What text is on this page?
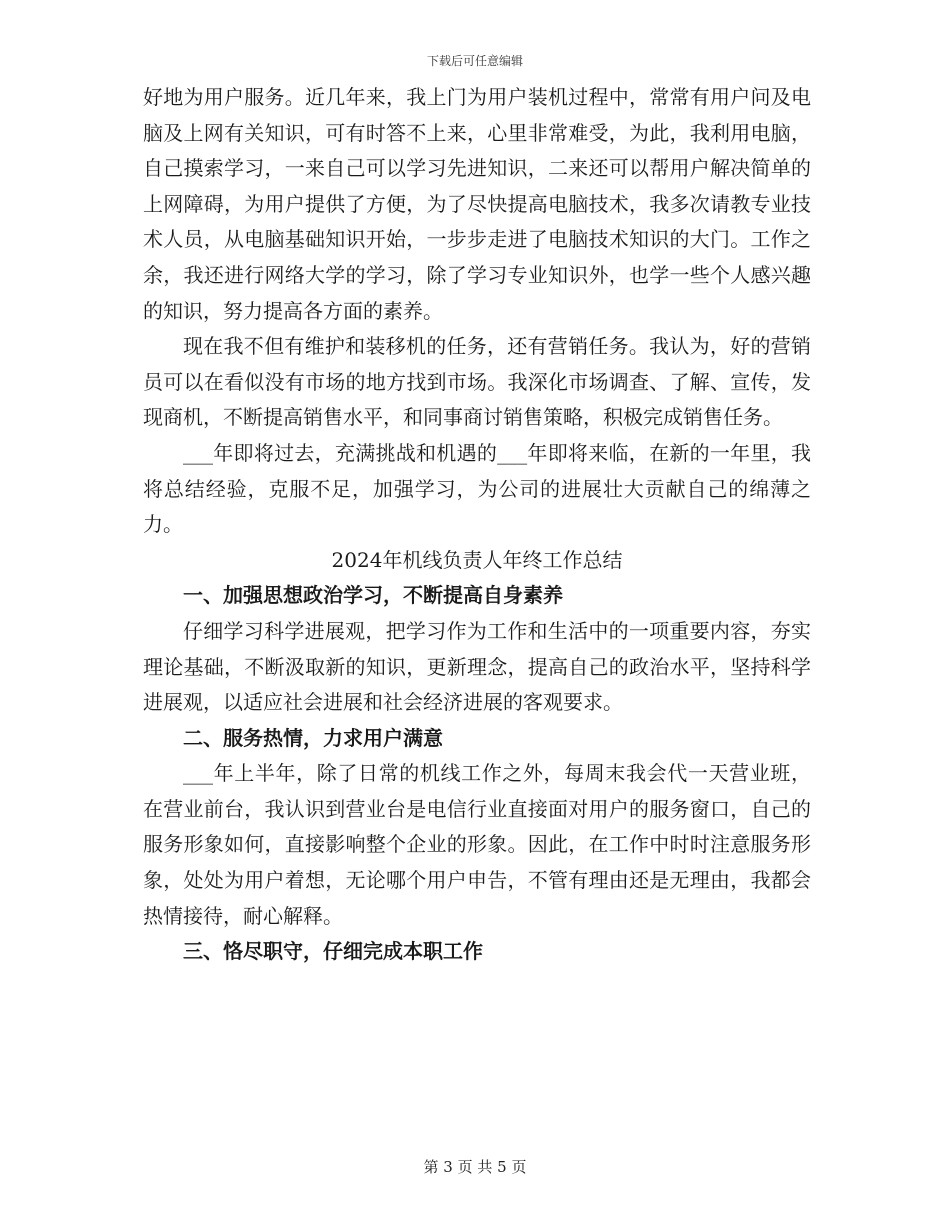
下载后可任意编辑

好地为用户服务。近几年来，我上门为用户装机过程中，常常有用户问及电脑及上网有关知识，可有时答不上来，心里非常难受，为此，我利用电脑，自己摸索学习，一来自己可以学习先进知识，二来还可以帮用户解决简单的上网障碍，为用户提供了方便，为了尽快提高电脑技术，我多次请教专业技术人员，从电脑基础知识开始，一步步走进了电脑技术知识的大门。工作之余，我还进行网络大学的学习，除了学习专业知识外，也学一些个人感兴趣的知识，努力提高各方面的素养。

现在我不但有维护和装移机的任务，还有营销任务。我认为，好的营销员可以在看似没有市场的地方找到市场。我深化市场调查、了解、宣传，发现商机，不断提高销售水平，和同事商讨销售策略，积极完成销售任务。

___年即将过去，充满挑战和机遇的___年即将来临，在新的一年里，我将总结经验，克服不足，加强学习，为公司的进展壮大贡献自己的绵薄之力。

2024年机线负责人年终工作总结

一、加强思想政治学习，不断提高自身素养

仔细学习科学进展观，把学习作为工作和生活中的一项重要内容，夯实理论基础，不断汲取新的知识，更新理念，提高自己的政治水平，坚持科学进展观，以适应社会进展和社会经济进展的客观要求。

二、服务热情，力求用户满意

___年上半年，除了日常的机线工作之外，每周末我会代一天营业班，在营业前台，我认识到营业台是电信行业直接面对用户的服务窗口，自己的服务形象如何，直接影响整个企业的形象。因此，在工作中时时注意服务形象，处处为用户着想，无论哪个用户申告，不管有理由还是无理由，我都会热情接待，耐心解释。

三、恪尽职守，仔细完成本职工作

第 3 页 共 5 页
